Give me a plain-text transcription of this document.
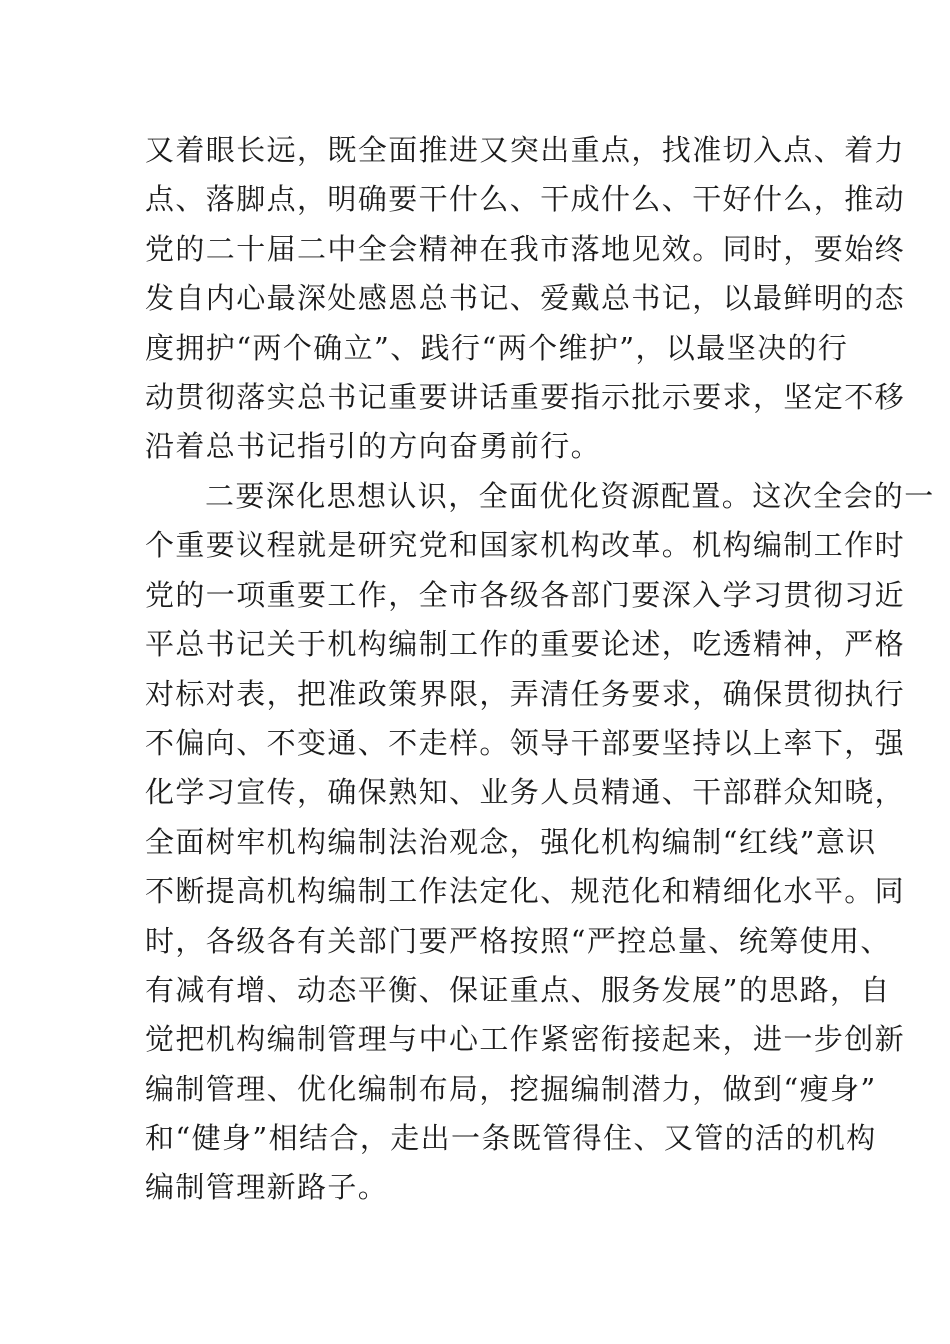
又着眼长远，既全面推进又突出重点，找准切入点、着力
点、落脚点，明确要干什么、干成什么、干好什么，推动
党的二十届二中全会精神在我市落地见效。同时，要始终
发自内心最深处感恩总书记、爱戴总书记，以最鲜明的态
度拥护“两个确立”、践行“两个维护”，以最坚决的行
动贯彻落实总书记重要讲话重要指示批示要求，坚定不移
沿着总书记指引的方向奋勇前行。
二要深化思想认识，全面优化资源配置。这次全会的一
个重要议程就是研究党和国家机构改革。机构编制工作时
党的一项重要工作，全市各级各部门要深入学习贯彻习近
平总书记关于机构编制工作的重要论述，吃透精神，严格
对标对表，把准政策界限，弄清任务要求，确保贯彻执行
不偏向、不变通、不走样。领导干部要坚持以上率下，强
化学习宣传，确保熟知、业务人员精通、干部群众知晓，
全面树牢机构编制法治观念，强化机构编制“红线”意识
不断提高机构编制工作法定化、规范化和精细化水平。同
时，各级各有关部门要严格按照“严控总量、统筹使用、
有减有增、动态平衡、保证重点、服务发展”的思路，自
觉把机构编制管理与中心工作紧密衔接起来，进一步创新
编制管理、优化编制布局，挖掘编制潜力，做到“瘦身”
和“健身”相结合，走出一条既管得住、又管的活的机构
编制管理新路子。
